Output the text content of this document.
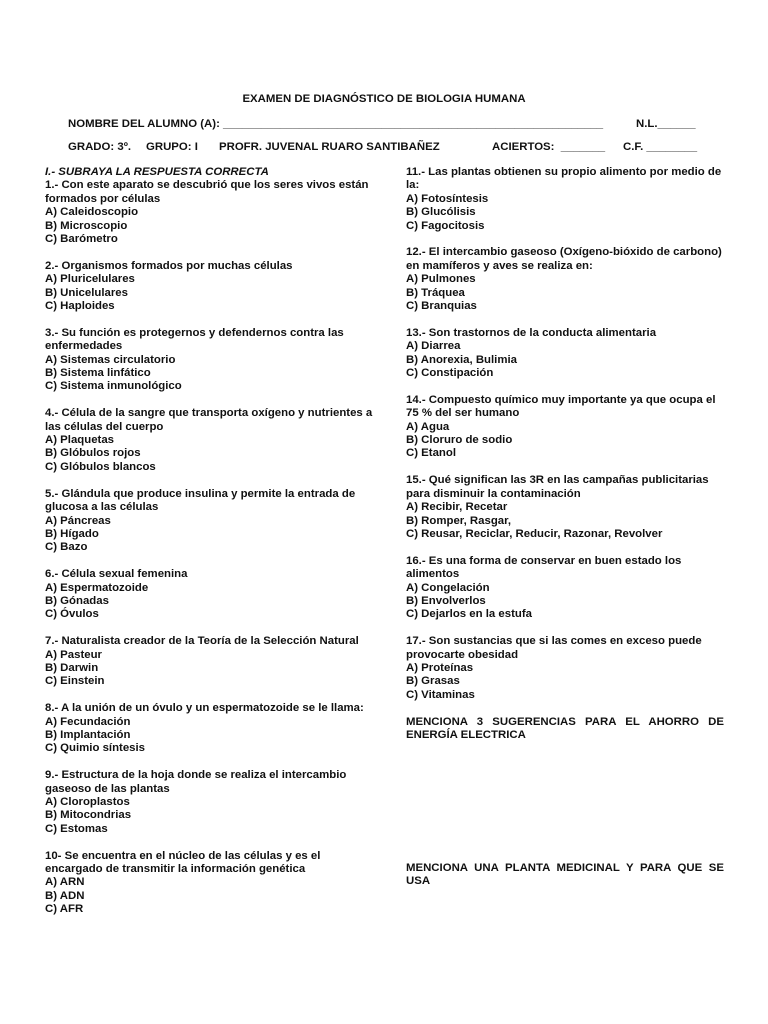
EXAMEN DE DIAGNÓSTICO DE BIOLOGIA HUMANA
NOMBRE DEL ALUMNO (A): ____________________________________________________________	N.L.______
GRADO: 3º. GRUPO: I PROFR. JUVENAL RUARO SANTIBAÑEZ	ACIERTOS:  _______ C.F. ________
I.- SUBRAYA LA RESPUESTA CORRECTA
1.- Con este aparato se descubrió que los seres vivos están formados por células
A) Caleidoscopio
B) Microscopio
C) Barómetro
2.- Organismos formados por muchas células
A) Pluricelulares
B) Unicelulares
C) Haploides
3.- Su función es protegernos y defendernos contra las enfermedades
A) Sistemas circulatorio
B) Sistema linfático
C) Sistema inmunológico
4.- Célula de la sangre que transporta oxígeno y nutrientes a las células del cuerpo
A) Plaquetas
B) Glóbulos rojos
C) Glóbulos blancos
5.- Glándula que produce insulina y permite la entrada de glucosa a las células
A) Páncreas
B) Hígado
C) Bazo
6.- Célula sexual femenina
A) Espermatozoide
B) Gónadas
C) Óvulos
7.- Naturalista creador de la Teoría de la Selección Natural
A) Pasteur
B) Darwin
C) Einstein
8.- A la unión de un óvulo y un espermatozoide se le llama:
A) Fecundación
B) Implantación
C) Quimio síntesis
9.- Estructura de la hoja donde se realiza el intercambio gaseoso de las plantas
A) Cloroplastos
B) Mitocondrias
C) Estomas
10- Se encuentra en el núcleo de las células y es el encargado de transmitir la información genética
A) ARN
B) ADN
C) AFR
11.- Las plantas obtienen su propio alimento por medio de la:
A) Fotosíntesis
B) Glucólisis
C) Fagocitosis
12.- El intercambio gaseoso (Oxígeno-bióxido de carbono) en mamíferos y aves se realiza en:
A) Pulmones
B) Tráquea
C) Branquias
13.- Son trastornos de la conducta alimentaria
A) Diarrea
B) Anorexia, Bulimia
C) Constipación
14.- Compuesto químico muy importante ya que ocupa el 75 % del ser humano
A) Agua
B) Cloruro de sodio
C) Etanol
15.- Qué significan las 3R en las campañas publicitarias para disminuir la contaminación
A) Recibir, Recetar
B) Romper, Rasgar,
C) Reusar, Reciclar, Reducir, Razonar, Revolver
16.- Es una forma de conservar en buen estado los alimentos
A) Congelación
B) Envolverlos
C) Dejarlos en la estufa
17.- Son sustancias que si las comes en exceso puede provocarte obesidad
A) Proteínas
B) Grasas
C) Vitaminas

MENCIONA 3 SUGERENCIAS PARA EL AHORRO DE ENERGÍA ELECTRICA

MENCIONA UNA PLANTA MEDICINAL Y PARA QUE SE USA
